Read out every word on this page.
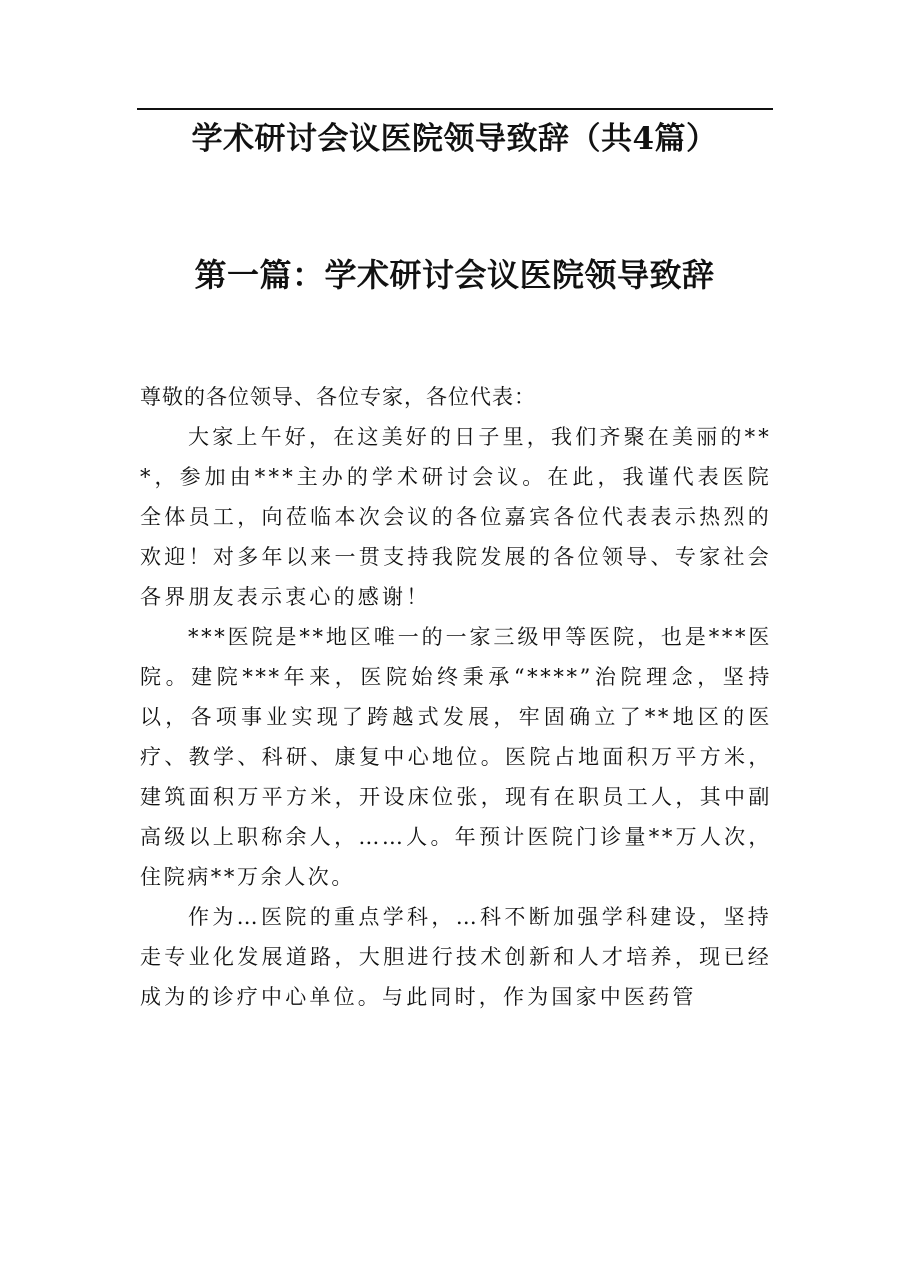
学术研讨会议医院领导致辞（共4篇）
第一篇：学术研讨会议医院领导致辞

尊敬的各位领导、各位专家，各位代表：

大家上午好，在这美好的日子里，我们齐聚在美丽的***，参加由***主办的学术研讨会议。在此，我谨代表医院全体员工，向莅临本次会议的各位嘉宾各位代表表示热烈的欢迎！对多年以来一贯支持我院发展的各位领导、专家社会各界朋友表示衷心的感谢！

***医院是**地区唯一的一家三级甲等医院，也是***医院。建院***年来，医院始终秉承“****”治院理念，坚持以，各项事业实现了跨越式发展，牢固确立了**地区的医疗、教学、科研、康复中心地位。医院占地面积万平方米，建筑面积万平方米，开设床位张，现有在职员工人，其中副高级以上职称余人，……人。年预计医院门诊量**万人次，住院病**万余人次。

作为…医院的重点学科，…科不断加强学科建设，坚持走专业化发展道路，大胆进行技术创新和人才培养，现已经成为的诊疗中心单位。与此同时，作为国家中医药管
